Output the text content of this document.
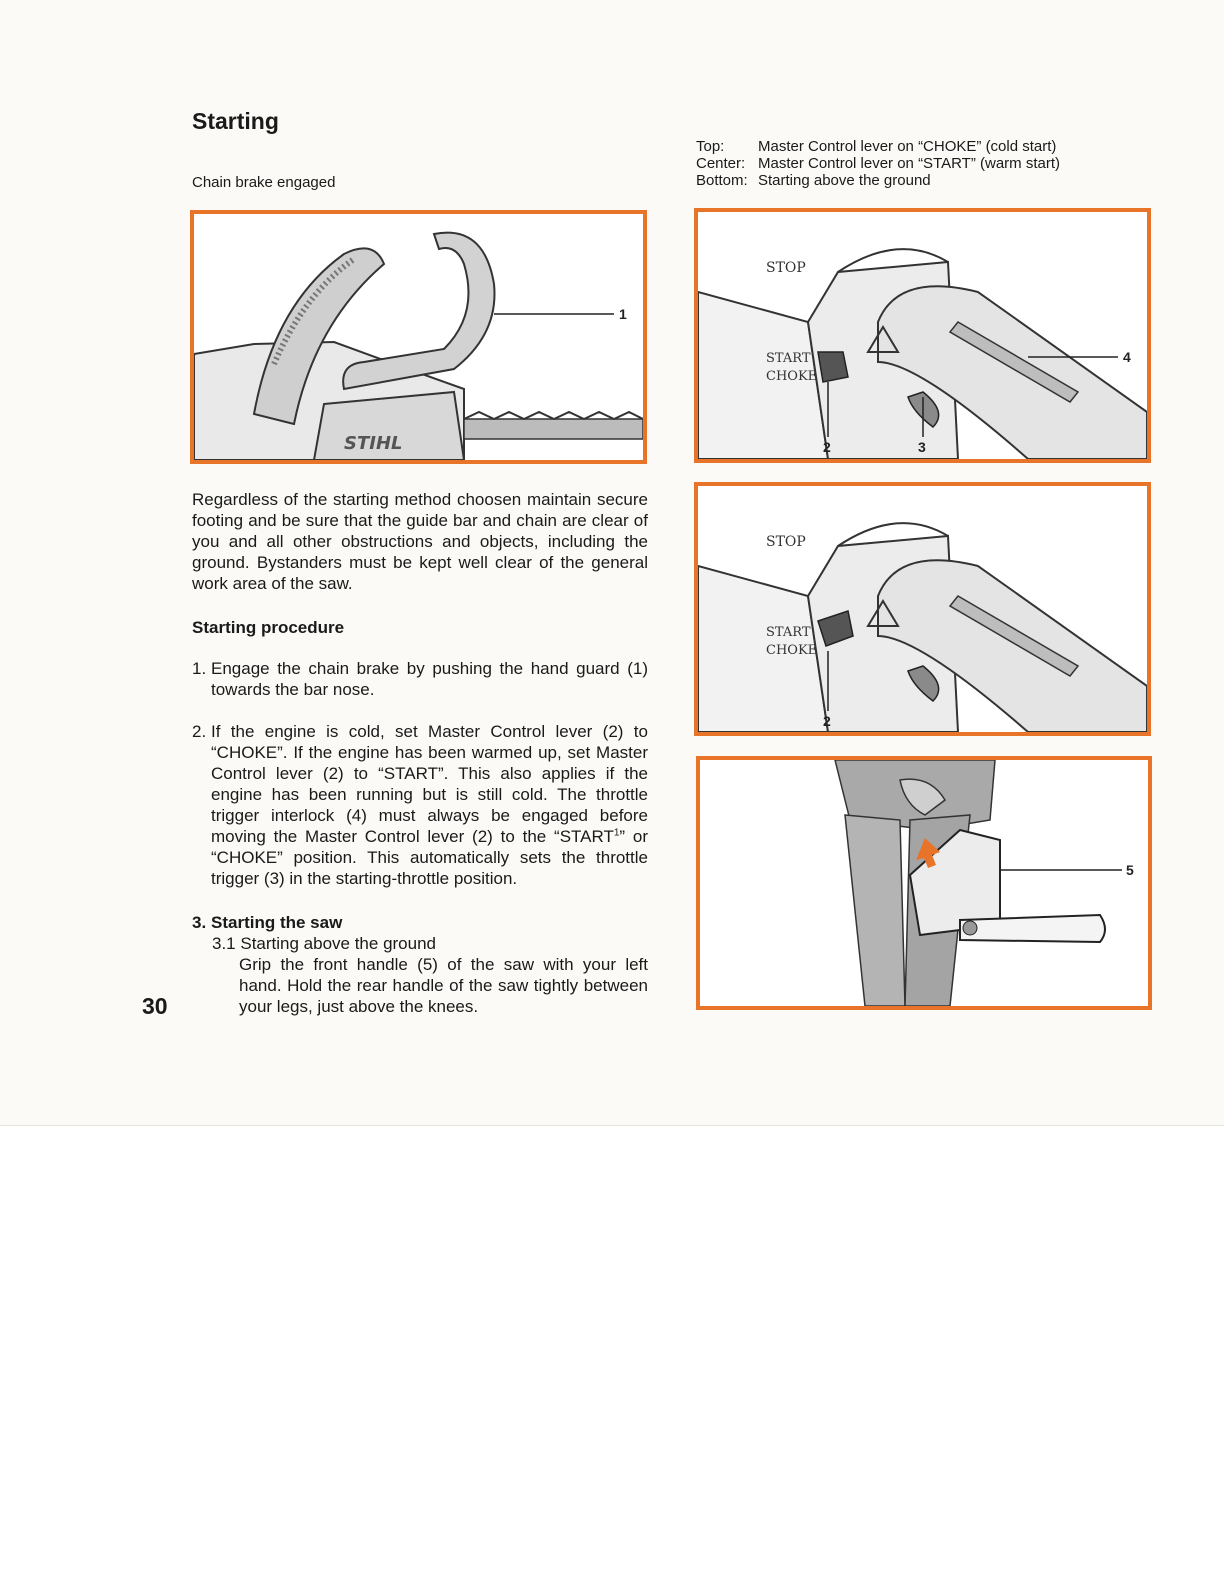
Starting
Chain brake engaged
Top:	Master Control lever on “CHOKE” (cold start)
Center: Master Control lever on “START” (warm start)
Bottom: Starting above the ground
STIHL
1
STOP
START
CHOKE
4
2	3
STOP
START
CHOKE
2
5

Regardless of the starting method choosen maintain secure footing and be sure that the guide bar and chain are clear of you and all other obstructions and objects, including the ground. Bystanders must be kept well clear of the general work area of the saw.

Starting procedure
1. Engage the chain brake by pushing the hand guard (1) towards the bar nose.
2. If the engine is cold, set Master Control lever (2) to “CHOKE”. If the engine has been warmed up, set Master Control lever (2) to “START”. This also applies if the engine has been running but is still cold. The throttle trigger interlock (4) must always be engaged before moving the Master Control lever (2) to the “START$^1$” or “CHOKE” position. This automatically sets the throttle trigger (3) in the starting-throttle position.
3. Starting the saw
3.1 Starting above the ground
Grip the front handle (5) of the saw with your left hand. Hold the rear handle of the saw tightly between your legs, just above the knees.
30
